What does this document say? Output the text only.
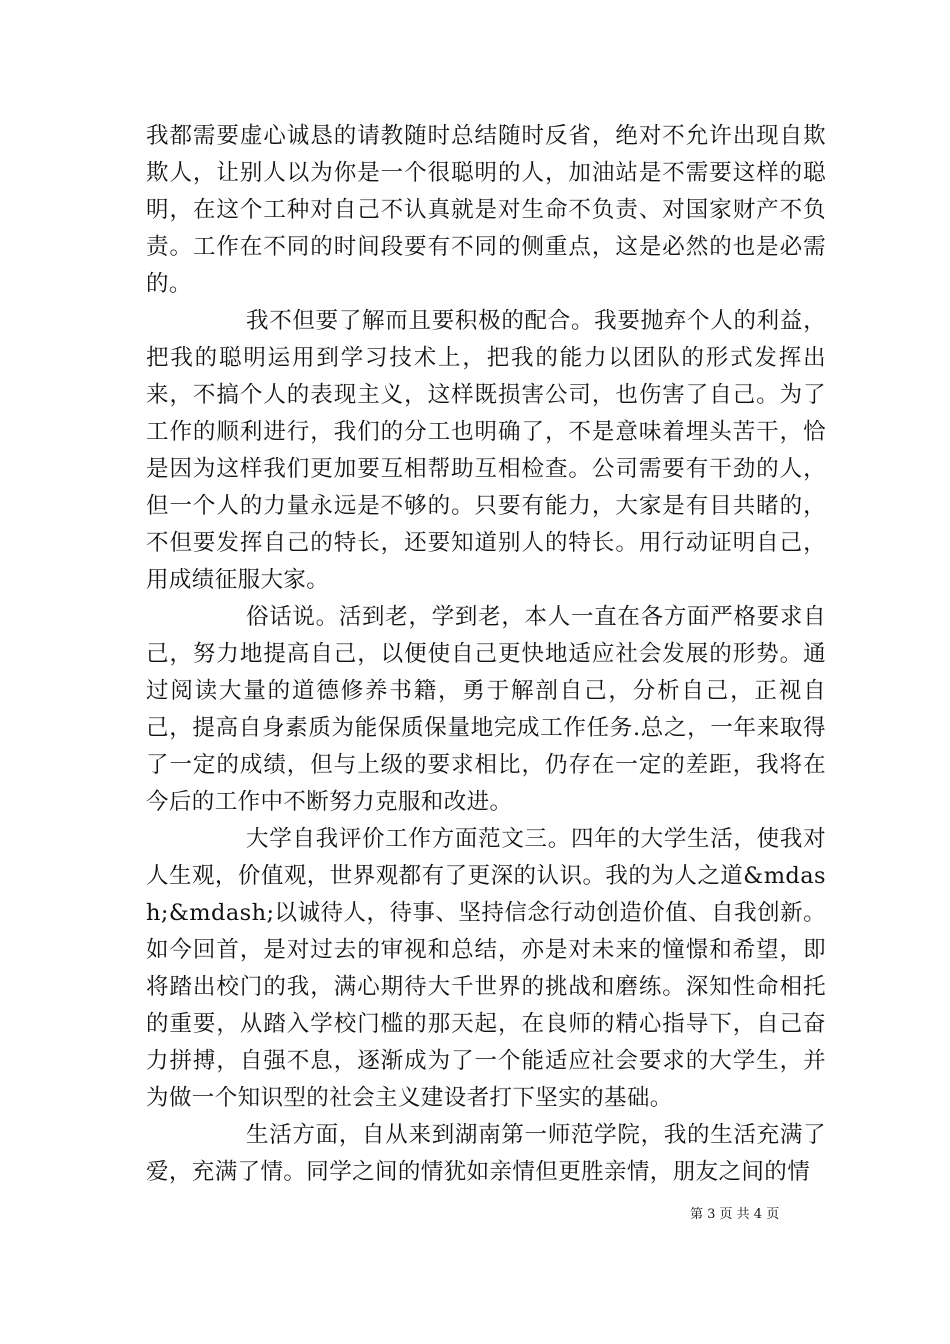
我都需要虚心诚恳的请教随时总结随时反省，绝对不允许出现自欺欺人，让别人以为你是一个很聪明的人，加油站是不需要这样的聪明，在这个工种对自己不认真就是对生命不负责、对国家财产不负责。工作在不同的时间段要有不同的侧重点，这是必然的也是必需的。

我不但要了解而且要积极的配合。我要抛弃个人的利益，把我的聪明运用到学习技术上，把我的能力以团队的形式发挥出来，不搞个人的表现主义，这样既损害公司，也伤害了自己。为了工作的顺利进行，我们的分工也明确了，不是意味着埋头苦干，恰是因为这样我们更加要互相帮助互相检查。公司需要有干劲的人，但一个人的力量永远是不够的。只要有能力，大家是有目共睹的，不但要发挥自己的特长，还要知道别人的特长。用行动证明自己，用成绩征服大家。

俗话说。活到老，学到老，本人一直在各方面严格要求自己，努力地提高自己，以便使自己更快地适应社会发展的形势。通过阅读大量的道德修养书籍，勇于解剖自己，分析自己，正视自己，提高自身素质为能保质保量地完成工作任务.总之，一年来取得了一定的成绩，但与上级的要求相比，仍存在一定的差距，我将在今后的工作中不断努力克服和改进。

大学自我评价工作方面范文三。四年的大学生活，使我对人生观，价值观，世界观都有了更深的认识。我的为人之道&mdash;&mdash;以诚待人，待事、坚持信念行动创造价值、自我创新。如今回首，是对过去的审视和总结，亦是对未来的憧憬和希望，即将踏出校门的我，满心期待大千世界的挑战和磨练。深知性命相托的重要，从踏入学校门槛的那天起，在良师的精心指导下，自己奋力拼搏，自强不息，逐渐成为了一个能适应社会要求的大学生，并为做一个知识型的社会主义建设者打下坚实的基础。

生活方面，自从来到湖南第一师范学院，我的生活充满了爱，充满了情。同学之间的情犹如亲情但更胜亲情，朋友之间的情

第 3 页 共 4 页
